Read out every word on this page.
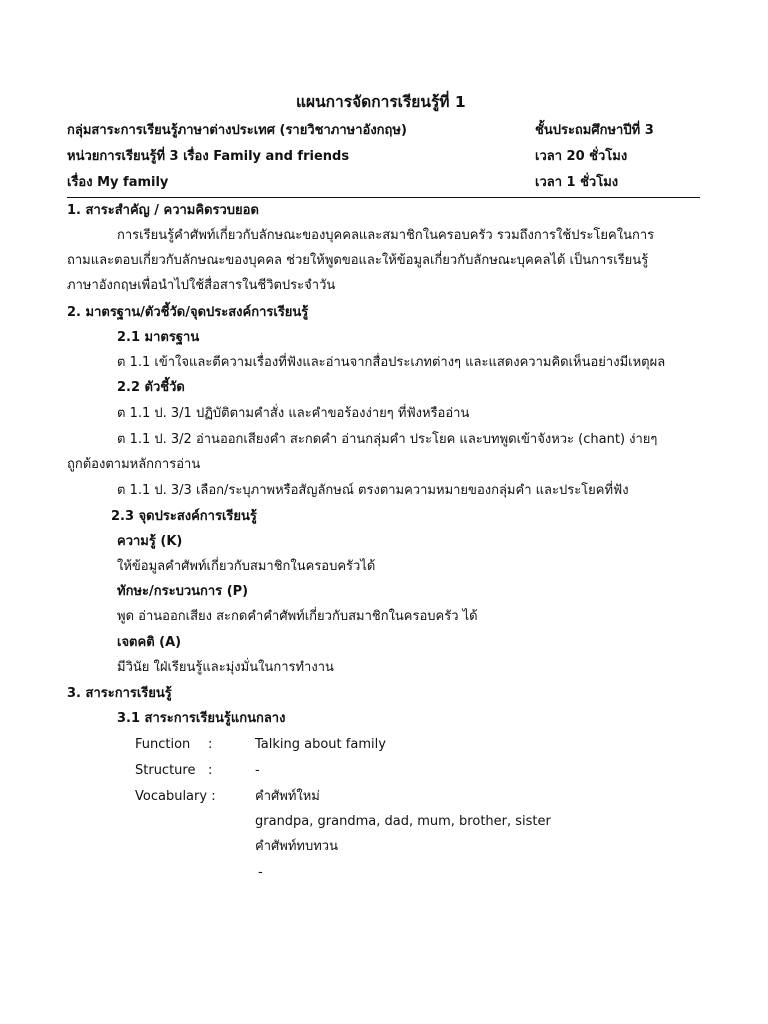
แผนการจัดการเรียนรู้ที่ 1
กลุ่มสาระการเรียนรู้ภาษาต่างประเทศ (รายวิชาภาษาอังกฤษ)	ชั้นประถมศึกษาปีที่ 3
หน่วยการเรียนรู้ที่ 3 เรื่อง Family and friends	เวลา 20 ชั่วโมง
เรื่อง My family	เวลา 1 ชั่วโมง
1. สาระสำคัญ / ความคิดรวบยอด
การเรียนรู้คำศัพท์เกี่ยวกับลักษณะของบุคคลและสมาชิกในครอบครัว รวมถึงการใช้ประโยคในการ
ถามและตอบเกี่ยวกับลักษณะของบุคคล ช่วยให้พูดขอและให้ข้อมูลเกี่ยวกับลักษณะบุคคลได้ เป็นการเรียนรู้
ภาษาอังกฤษเพื่อนำไปใช้สื่อสารในชีวิตประจำวัน
2. มาตรฐาน/ตัวชี้วัด/จุดประสงค์การเรียนรู้
2.1 มาตรฐาน
ต 1.1 เข้าใจและตีความเรื่องที่ฟังและอ่านจากสื่อประเภทต่างๆ และแสดงความคิดเห็นอย่างมีเหตุผล
2.2 ตัวชี้วัด
ต 1.1 ป. 3/1 ปฏิบัติตามคำสั่ง และคำขอร้องง่ายๆ ที่ฟังหรืออ่าน
ต 1.1 ป. 3/2 อ่านออกเสียงคำ สะกดคำ อ่านกลุ่มคำ ประโยค และบทพูดเข้าจังหวะ (chant) ง่ายๆ
ถูกต้องตามหลักการอ่าน
ต 1.1 ป. 3/3 เลือก/ระบุภาพหรือสัญลักษณ์ ตรงตามความหมายของกลุ่มคำ และประโยคที่ฟัง
2.3 จุดประสงค์การเรียนรู้
ความรู้ (K)
ให้ข้อมูลคำศัพท์เกี่ยวกับสมาชิกในครอบครัวได้
ทักษะ/กระบวนการ (P)
พูด อ่านออกเสียง สะกดคำคำศัพท์เกี่ยวกับสมาชิกในครอบครัว ได้
เจตคติ (A)
มีวินัย ใฝ่เรียนรู้และมุ่งมั่นในการทำงาน
3. สาระการเรียนรู้
3.1 สาระการเรียนรู้แกนกลาง
Function :	Talking about family
Structure :	-
Vocabulary :	คำศัพท์ใหม่
grandpa, grandma, dad, mum, brother, sister
คำศัพท์ทบทวน
-
